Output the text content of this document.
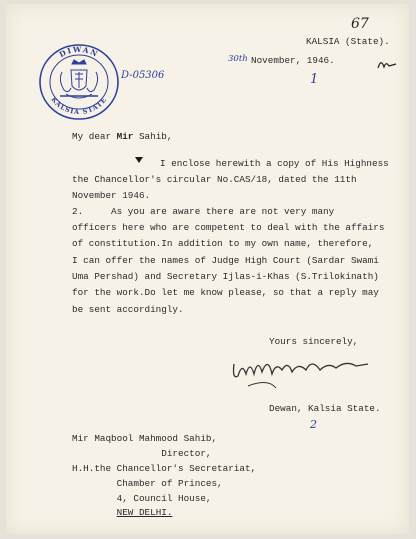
DIWAN
KALSIA STATE
67
D-05306
30th
1
2
KALSIA (State).
November, 1946.
My dear Mir Sahib,
I enclose herewith a copy of His Highness
the Chancellor's circular No.CAS/18, dated the 11th
November 1946.
2.     As you are aware there are not very many
officers here who are competent to deal with the affairs
of constitution.In addition to my own name, therefore,
I can offer the names of Judge High Court (Sardar Swami
Uma Pershad) and Secretary Ijlas-i-Khas (S.Trilokinath)
for the work.Do let me know please, so that a reply may
be sent accordingly.
Yours sincerely,
Dewan, Kalsia State.
Mir Maqbool Mahmood Sahib,
Director,
H.H.the Chancellor's Secretariat,
Chamber of Princes,
4, Council House,
NEW DELHI.
